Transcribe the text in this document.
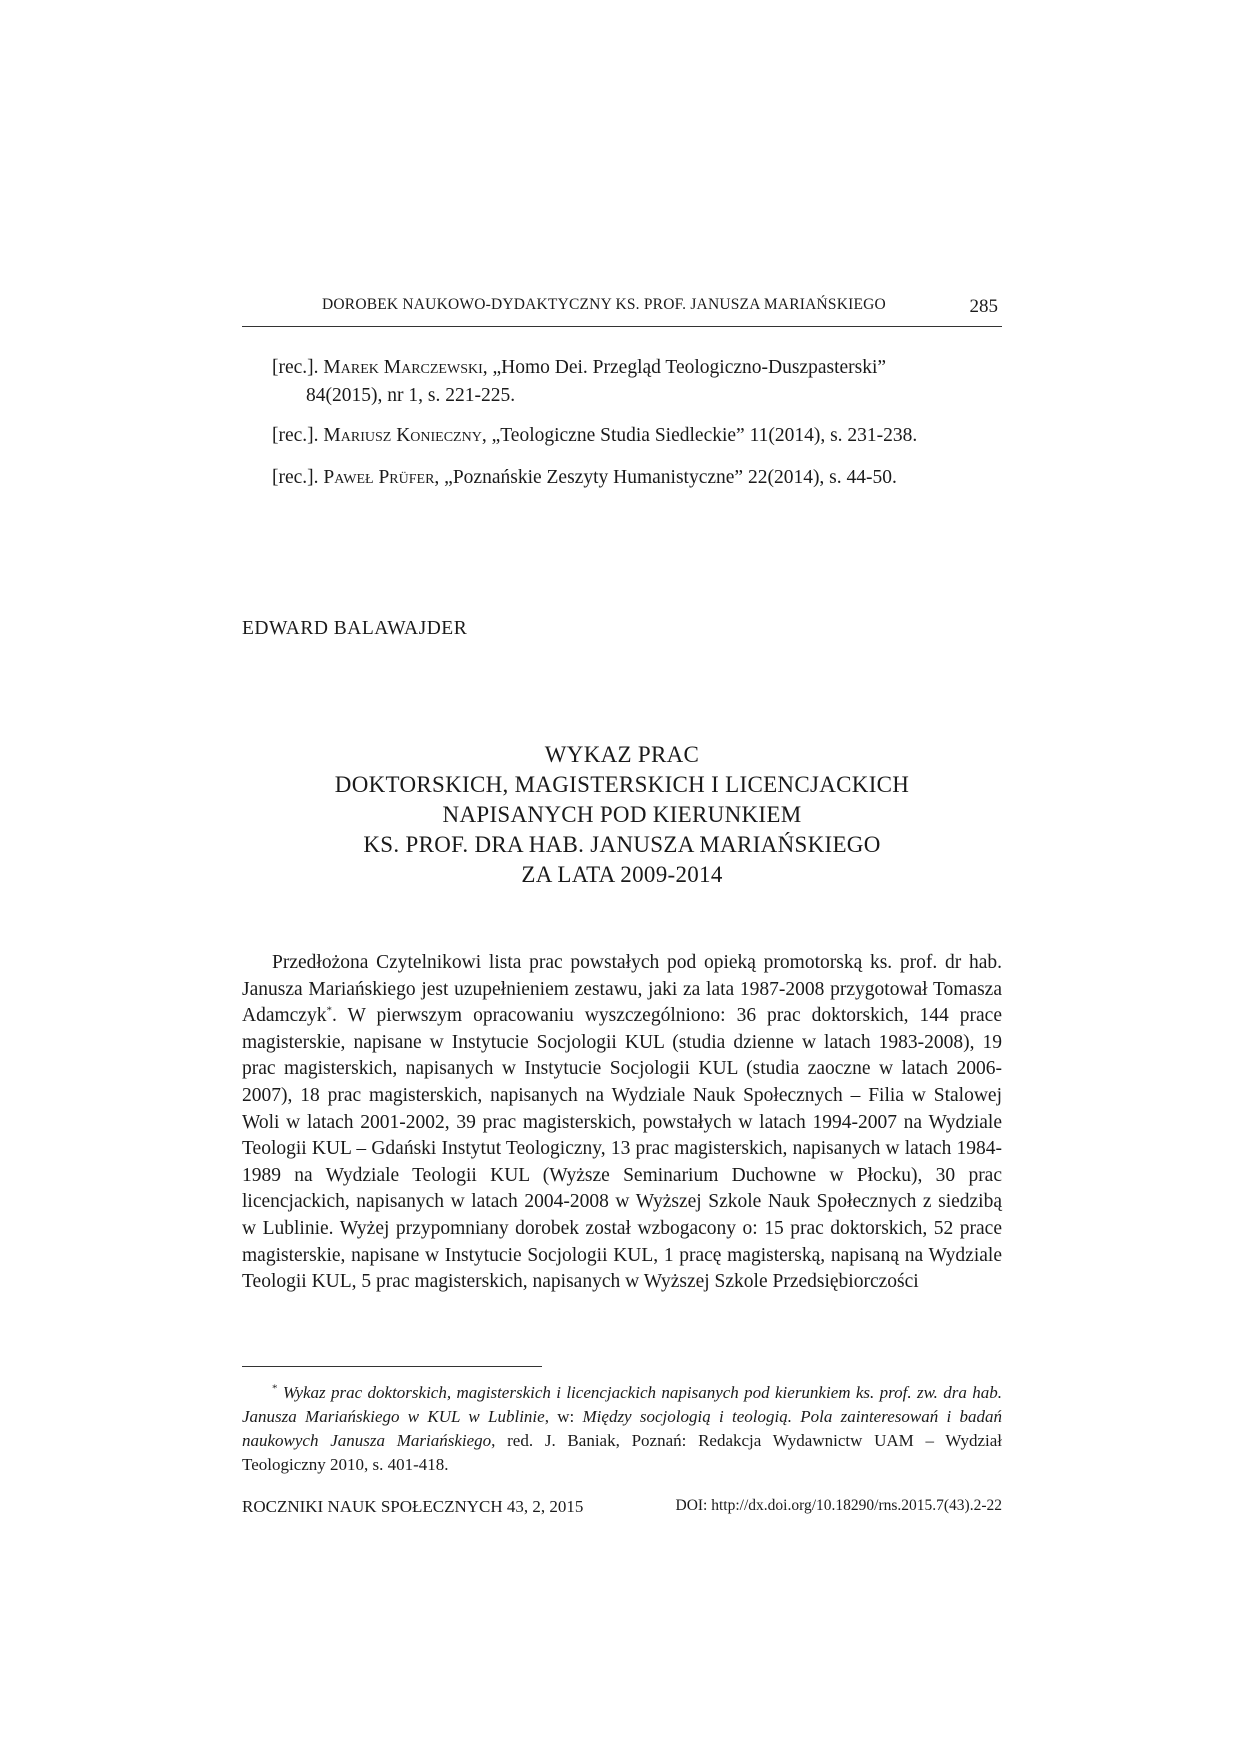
DOROBEK NAUKOWO-DYDAKTYCZNY KS. PROF. JANUSZA MARIAŃSKIEGO	285
[rec.]. Marek Marczewski, „Homo Dei. Przegląd Teologiczno-Duszpasterski”
84(2015), nr 1, s. 221-225.
[rec.]. Mariusz Konieczny, „Teologiczne Studia Siedleckie” 11(2014), s. 231-238.
[rec.]. Paweł Prüfer, „Poznańskie Zeszyty Humanistyczne” 22(2014), s. 44-50.
EDWARD BALAWAJDER
WYKAZ PRAC
DOKTORSKICH, MAGISTERSKICH I LICENCJACKICH
NAPISANYCH POD KIERUNKIEM
KS. PROF. DRA HAB. JANUSZA MARIAŃSKIEGO
ZA LATA 2009-2014
Przedłożona Czytelnikowi lista prac powstałych pod opieką promotorską ks. prof. dr hab. Janusza Mariańskiego jest uzupełnieniem zestawu, jaki za lata 1987-2008 przygotował Tomasza Adamczyk*. W pierwszym opracowaniu wyszczególniono: 36 prac doktorskich, 144 prace magisterskie, napisane w Instytucie Socjologii KUL (studia dzienne w latach 1983-2008), 19 prac magisterskich, napisanych w Instytucie Socjologii KUL (studia zaoczne w latach 2006-2007), 18 prac magisterskich, napisanych na Wydziale Nauk Społecznych – Filia w Stalowej Woli w latach 2001-2002, 39 prac magisterskich, powstałych w latach 1994-2007 na Wydziale Teologii KUL – Gdański Instytut Teologiczny, 13 prac magisterskich, napisanych w latach 1984-1989 na Wydziale Teologii KUL (Wyższe Seminarium Duchowne w Płocku), 30 prac licencjackich, napisanych w latach 2004-2008 w Wyższej Szkole Nauk Społecznych z siedzibą w Lublinie. Wyżej przypomniany dorobek został wzbogacony o: 15 prac doktorskich, 52 prace magisterskie, napisane w Instytucie Socjologii KUL, 1 pracę magisterską, napisaną na Wydziale Teologii KUL, 5 prac magisterskich, napisanych w Wyższej Szkole Przedsiębiorczości
* Wykaz prac doktorskich, magisterskich i licencjackich napisanych pod kierunkiem ks. prof. zw. dra hab. Janusza Mariańskiego w KUL w Lublinie, w: Między socjologią i teologią. Pola zainteresowań i badań naukowych Janusza Mariańskiego, red. J. Baniak, Poznań: Redakcja Wydawnictw UAM – Wydział Teologiczny 2010, s. 401-418.
ROCZNIKI NAUK SPOŁECZNYCH 43, 2, 2015	DOI: http://dx.doi.org/10.18290/rns.2015.7(43).2-22
